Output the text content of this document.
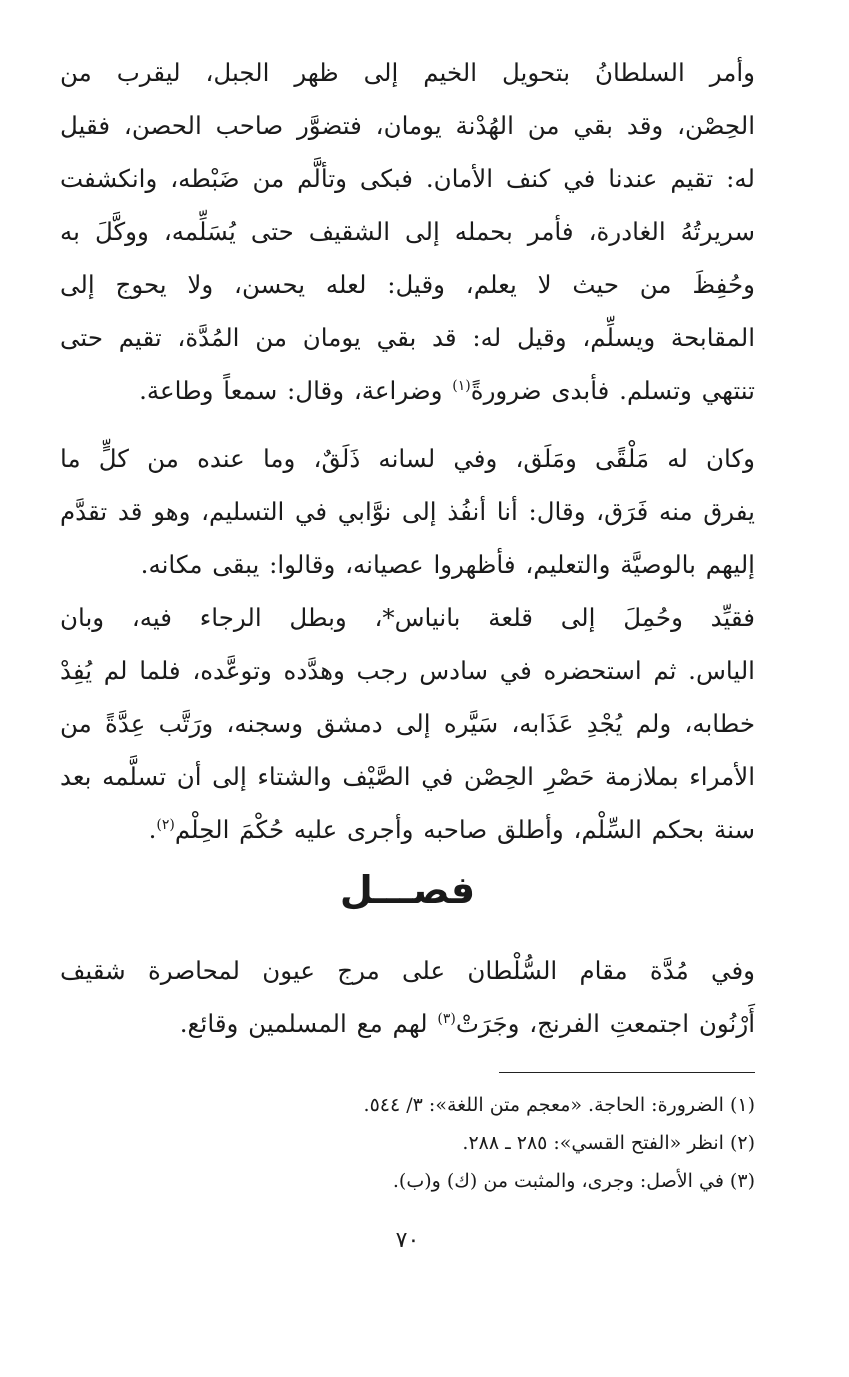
وأمر السلطانُ بتحويل الخيم إلى ظهر الجبل، ليقرب من
الحِصْن، وقد بقي من الهُدْنة يومان، فتضوَّر صاحب الحصن، فقيل
له: تقيم عندنا في كنف الأمان. فبكى وتألَّم من ضَبْطه، وانكشفت
سريرتُهُ الغادرة، فأمر بحمله إلى الشقيف حتى يُسَلِّمه، ووكَّلَ به
وحُفِظَ من حيث لا يعلم، وقيل: لعله يحسن، ولا يحوج إلى
المقابحة ويسلِّم، وقيل له: قد بقي يومان من المُدَّة، تقيم حتى
تنتهي وتسلم. فأبدى ضرورةً$^{(١)}$ وضراعة، وقال: سمعاً وطاعة.

وكان له مَلْقًى ومَلَق، وفي لسانه ذَلَقٌ، وما عنده من كلٍّ ما
يفرق منه فَرَق، وقال: أنا أنفُذ إلى نوَّابي في التسليم، وهو قد تقدَّم
إليهم بالوصيَّة والتعليم، فأظهروا عصيانه، وقالوا: يبقى مكانه.

فقيِّد وحُمِلَ إلى قلعة بانياس*، وبطل الرجاء فيه، وبان
الياس. ثم استحضره في سادس رجب وهدَّده وتوعَّده، فلما لم يُفِدْ
خطابه، ولم يُجْدِ عَذَابه، سَيَّره إلى دمشق وسجنه، ورَتَّب عِدَّةً من
الأمراء بملازمة حَصْرِ الحِصْن في الصَّيْف والشتاء إلى أن تسلَّمه بعد
سنة بحكم السِّلْم، وأطلق صاحبه وأجرى عليه حُكْمَ الحِلْم$^{(٢)}$.

فصـــل

وفي مُدَّة مقام السُّلْطان على مرج عيون لمحاصرة شقيف
أَرْنُون اجتمعتِ الفرنج، وجَرَتْ$^{(٣)}$ لهم مع المسلمين وقائع.

(١) الضرورة: الحاجة. «معجم متن اللغة»: ٣/ ٥٤٤.
(٢) انظر «الفتح القسي»: ٢٨٥ ـ ٢٨٨.
(٣) في الأصل: وجرى، والمثبت من (ك) و(ب).
٧٠
